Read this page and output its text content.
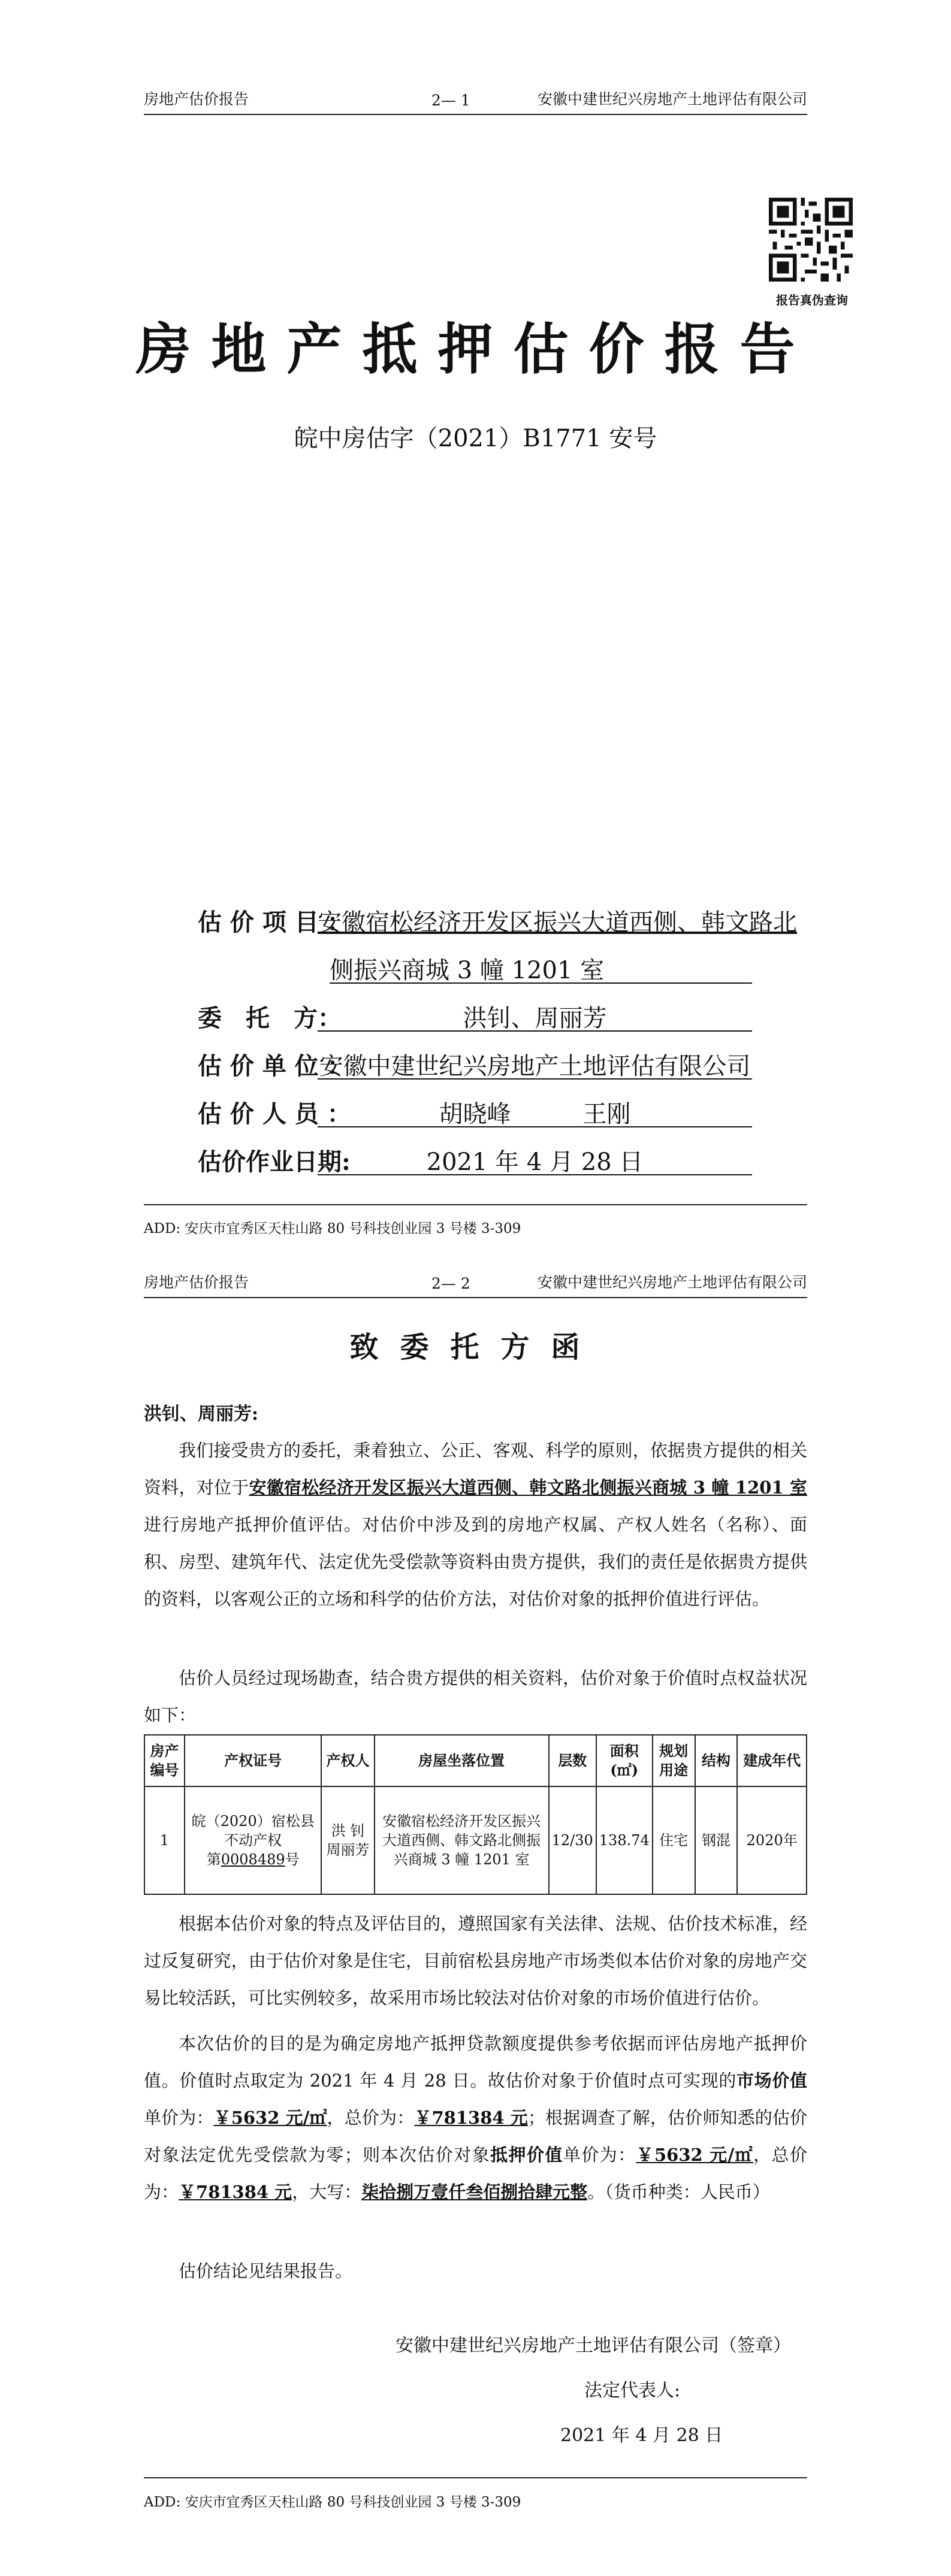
房地产估价报告	2— 1	安徽中建世纪兴房地产土地评估有限公司
报告真伪查询
房地产抵押估价报告
皖中房估字（2021）B1771 安号
估 价 项 目 ：
安徽宿松经济开发区振兴大道西侧、韩文路北
侧振兴商城 3 幢 1201 室
委　托　方：	洪钊、周丽芳
估 价 单 位 ：
安徽中建世纪兴房地产土地评估有限公司
估 价 人 员 ：	胡晓峰　　　王刚
估价作业日期:	2021 年 4 月 28 日
ADD: 安庆市宜秀区天柱山路 80 号科技创业园 3 号楼 3-309
房地产估价报告	2— 2	安徽中建世纪兴房地产土地评估有限公司
致委托方函
洪钊、周丽芳:

我们接受贵方的委托，秉着独立、公正、客观、科学的原则，依据贵方提供的相关资料，对位于安徽宿松经济开发区振兴大道西侧、韩文路北侧振兴商城 3 幢 1201 室进行房地产抵押价值评估。对估价中涉及到的房地产权属、产权人姓名（名称）、面积、房型、建筑年代、法定优先受偿款等资料由贵方提供，我们的责任是依据贵方提供的资料，以客观公正的立场和科学的估价方法，对估价对象的抵押价值进行评估。

估价人员经过现场勘查，结合贵方提供的相关资料，估价对象于价值时点权益状况如下：

房产编号	产权证号	产权人	房屋坐落位置	层数	面积(㎡)	规划用途	结构	建成年代
1	皖（2020）宿松县不动产权
第0008489号	洪 钊 周丽芳	安徽宿松经济开发区振兴大道西侧、韩文路北侧振兴商城 3 幢 1201 室	12/30	138.74	住宅	钢混	2020年

根据本估价对象的特点及评估目的，遵照国家有关法律、法规、估价技术标准，经过反复研究，由于估价对象是住宅，目前宿松县房地产市场类似本估价对象的房地产交易比较活跃，可比实例较多，故采用市场比较法对估价对象的市场价值进行估价。

本次估价的目的是为确定房地产抵押贷款额度提供参考依据而评估房地产抵押价值。价值时点取定为 2021 年 4 月 28 日。故估价对象于价值时点可实现的市场价值单价为：￥5632 元/㎡，总价为：￥781384 元；根据调查了解，估价师知悉的估价对象法定优先受偿款为零；则本次估价对象抵押价值单价为：￥5632 元/㎡，总价为：￥781384 元，大写：柒拾捌万壹仟叁佰捌拾肆元整。（货币种类：人民币）

估价结论见结果报告。

安徽中建世纪兴房地产土地评估有限公司（签章）
法定代表人:
2021 年 4 月 28 日
ADD: 安庆市宜秀区天柱山路 80 号科技创业园 3 号楼 3-309
